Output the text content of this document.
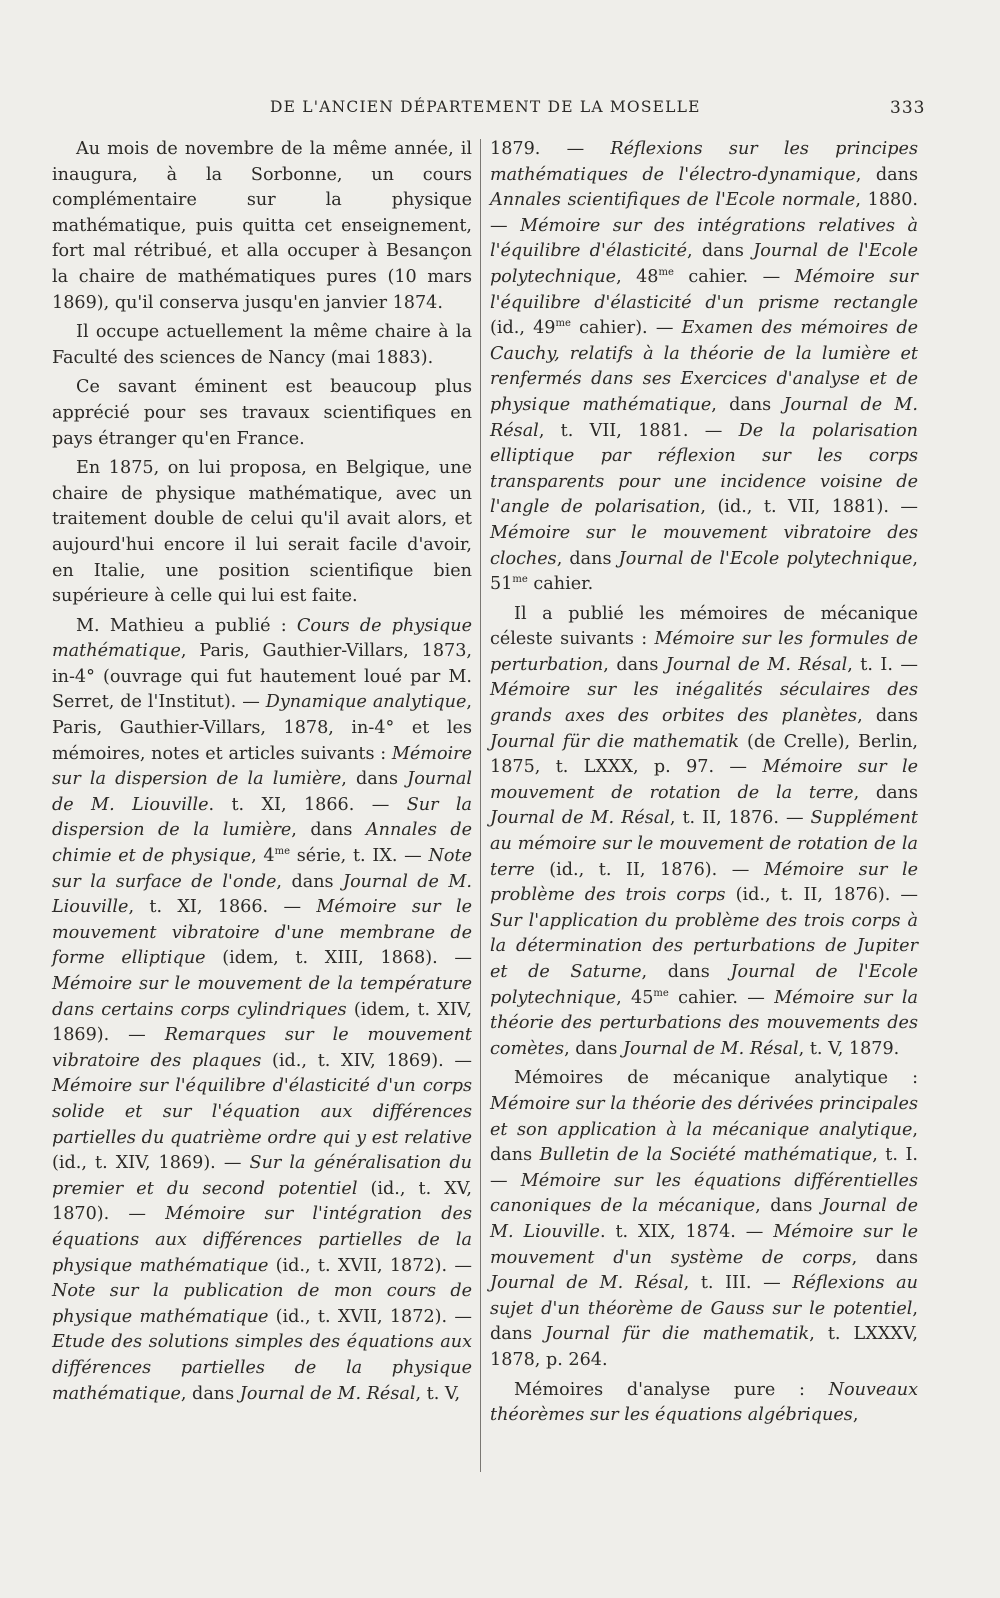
DE L'ANCIEN DÉPARTEMENT DE LA MOSELLE	333

Au mois de novembre de la même année, il inaugura, à la Sorbonne, un cours complémentaire sur la physique mathématique, puis quitta cet enseignement, fort mal rétribué, et alla occuper à Besançon la chaire de mathématiques pures (10 mars 1869), qu'il conserva jusqu'en janvier 1874.

Il occupe actuellement la même chaire à la Faculté des sciences de Nancy (mai 1883).

Ce savant éminent est beaucoup plus apprécié pour ses travaux scientifiques en pays étranger qu'en France.

En 1875, on lui proposa, en Belgique, une chaire de physique mathématique, avec un traitement double de celui qu'il avait alors, et aujourd'hui encore il lui serait facile d'avoir, en Italie, une position scientifique bien supérieure à celle qui lui est faite.

M. Mathieu a publié : Cours de physique mathématique, Paris, Gauthier-Villars, 1873, in-4° (ouvrage qui fut hautement loué par M. Serret, de l'Institut). — Dynamique analytique, Paris, Gauthier-Villars, 1878, in-4° et les mémoires, notes et articles suivants : Mémoire sur la dispersion de la lumière, dans Journal de M. Liouville. t. XI, 1866. — Sur la dispersion de la lumière, dans Annales de chimie et de physique, $4^{me}$ série, t. IX. — Note sur la surface de l'onde, dans Journal de M. Liouville, t. XI, 1866. — Mémoire sur le mouvement vibratoire d'une membrane de forme elliptique (idem, t. XIII, 1868). — Mémoire sur le mouvement de la température dans certains corps cylindriques (idem, t. XIV, 1869). — Remarques sur le mouvement vibratoire des plaques (id., t. XIV, 1869). — Mémoire sur l'équilibre d'élasticité d'un corps solide et sur l'équation aux différences partielles du quatrième ordre qui y est relative (id., t. XIV, 1869). — Sur la généralisation du premier et du second potentiel (id., t. XV, 1870). — Mémoire sur l'intégration des équations aux différences partielles de la physique mathématique (id., t. XVII, 1872). — Note sur la publication de mon cours de physique mathématique (id., t. XVII, 1872). — Etude des solutions simples des équations aux différences partielles de la physique mathématique, dans Journal de M. Résal, t. V,

1879. — Réflexions sur les principes mathématiques de l'électro-dynamique, dans Annales scientifiques de l'Ecole normale, 1880. — Mémoire sur des intégrations relatives à l'équilibre d'élasticité, dans Journal de l'Ecole polytechnique, $48^{me}$ cahier. — Mémoire sur l'équilibre d'élasticité d'un prisme rectangle (id., $49^{me}$ cahier). — Examen des mémoires de Cauchy, relatifs à la théorie de la lumière et renfermés dans ses Exercices d'analyse et de physique mathématique, dans Journal de M. Résal, t. VII, 1881. — De la polarisation elliptique par réflexion sur les corps transparents pour une incidence voisine de l'angle de polarisation, (id., t. VII, 1881). — Mémoire sur le mouvement vibratoire des cloches, dans Journal de l'Ecole polytechnique, $51^{me}$ cahier.

Il a publié les mémoires de mécanique céleste suivants : Mémoire sur les formules de perturbation, dans Journal de M. Résal, t. I. — Mémoire sur les inégalités séculaires des grands axes des orbites des planètes, dans Journal für die mathematik (de Crelle), Berlin, 1875, t. LXXX, p. 97. — Mémoire sur le mouvement de rotation de la terre, dans Journal de M. Résal, t. II, 1876. — Supplément au mémoire sur le mouvement de rotation de la terre (id., t. II, 1876). — Mémoire sur le problème des trois corps (id., t. II, 1876). — Sur l'application du problème des trois corps à la détermination des perturbations de Jupiter et de Saturne, dans Journal de l'Ecole polytechnique, $45^{me}$ cahier. — Mémoire sur la théorie des perturbations des mouvements des comètes, dans Journal de M. Résal, t. V, 1879.

Mémoires de mécanique analytique : Mémoire sur la théorie des dérivées principales et son application à la mécanique analytique, dans Bulletin de la Société mathématique, t. I. — Mémoire sur les équations différentielles canoniques de la mécanique, dans Journal de M. Liouville. t. XIX, 1874. — Mémoire sur le mouvement d'un système de corps, dans Journal de M. Résal, t. III. — Réflexions au sujet d'un théorème de Gauss sur le potentiel, dans Journal für die mathematik, t. LXXXV, 1878, p. 264.

Mémoires d'analyse pure : Nouveaux théorèmes sur les équations algébriques,
